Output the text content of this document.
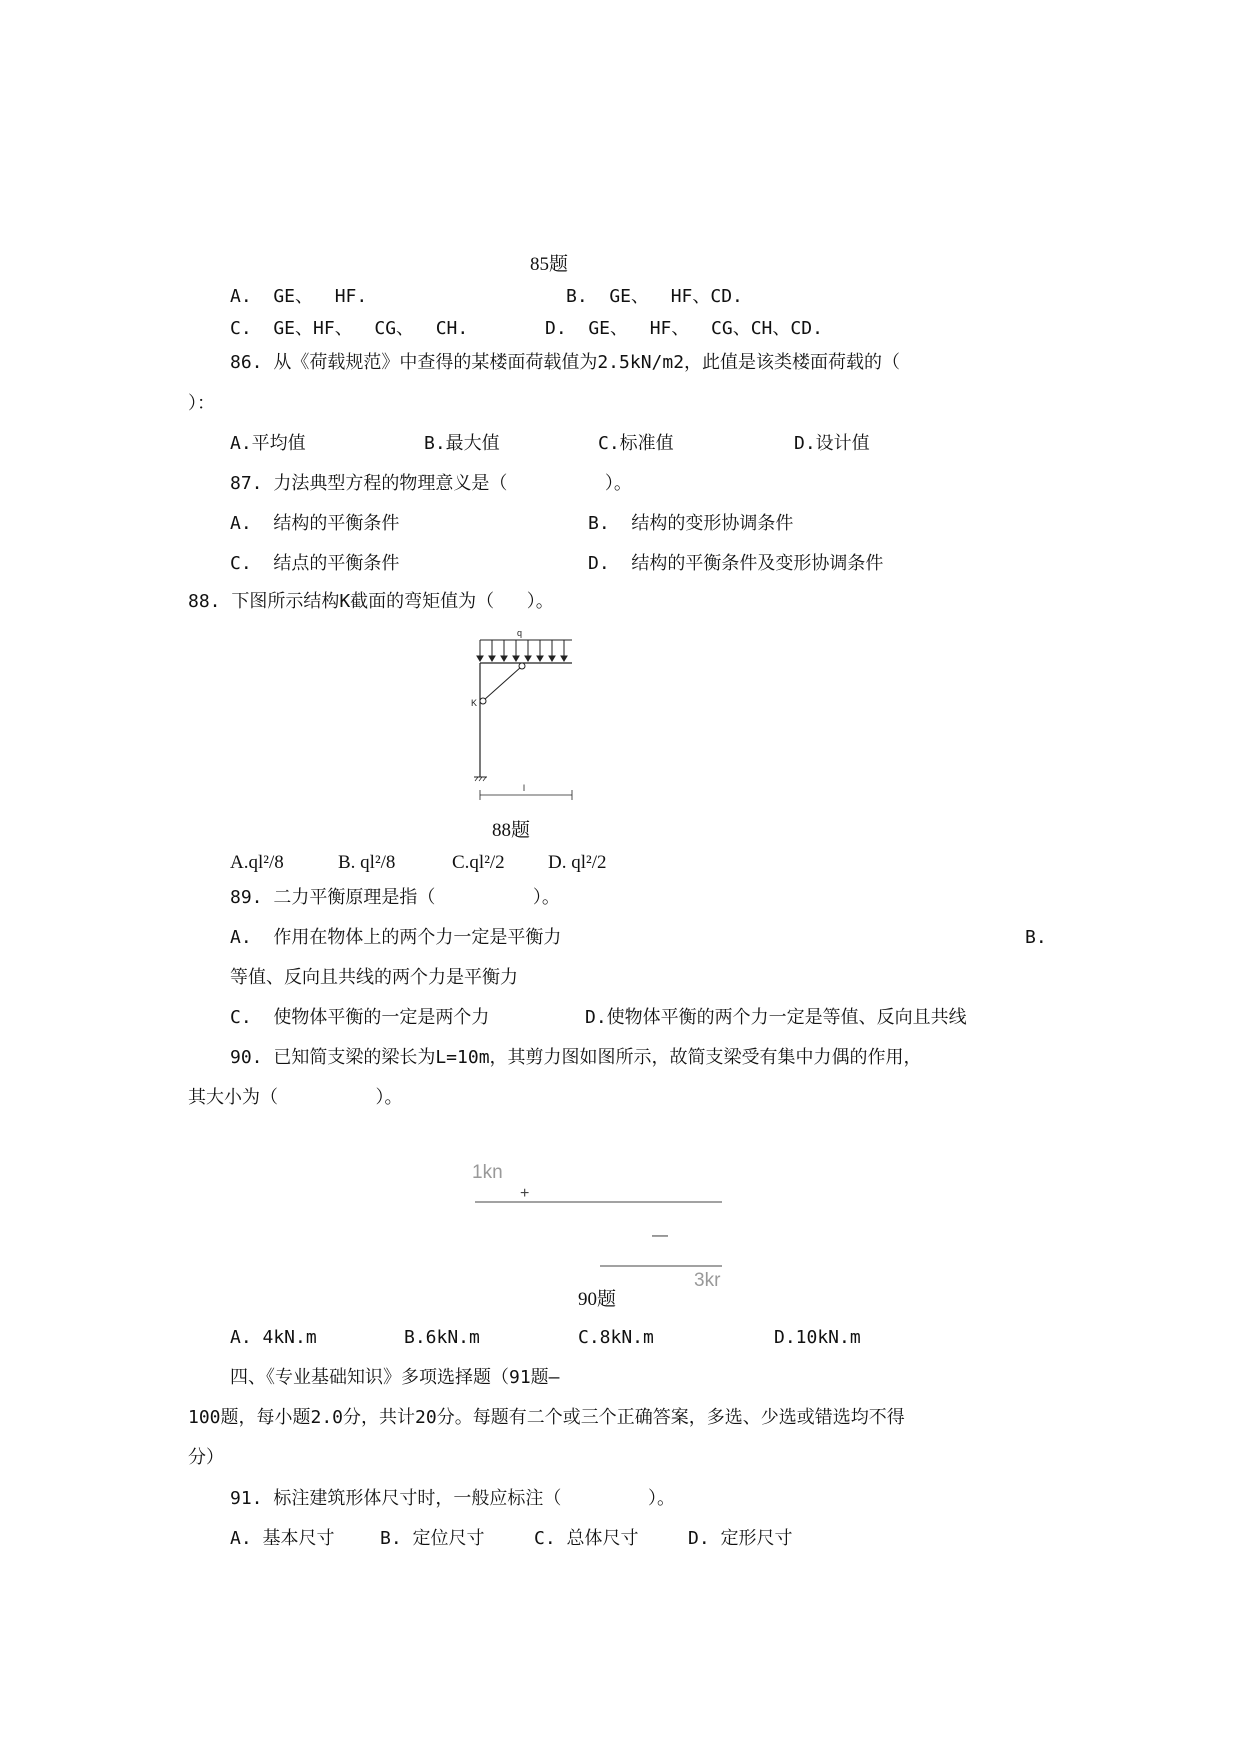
85题
A.  GE、  HF.	B.  GE、  HF、CD.
C.  GE、HF、  CG、  CH.	D.  GE、  HF、  CG、CH、CD.
86. 从《荷载规范》中查得的某楼面荷载值为2.5kN/m2，此值是该类楼面荷载的（
）：
A.平均值	B.最大值	C.标准值	D.设计值
87. 力法典型方程的物理意义是（         ）。
A.  结构的平衡条件	B.  结构的变形协调条件
C.  结点的平衡条件	D.  结构的平衡条件及变形协调条件
88. 下图所示结构K截面的弯矩值为（   ）。
q
K
l
88题
A.ql²/8	B. ql²/8	C.ql²/2 D. ql²/2
89. 二力平衡原理是指（         ）。
A.  作用在物体上的两个力一定是平衡力	B.
等值、反向且共线的两个力是平衡力
C.  使物体平衡的一定是两个力	D.使物体平衡的两个力一定是等值、反向且共线
90. 已知简支梁的梁长为L=10m，其剪力图如图所示，故简支梁受有集中力偶的作用，
其大小为（         ）。
1kn
+
—
3kr
90题
A. 4kN.m	B.6kN.m	C.8kN.m	D.10kN.m
四、《专业基础知识》多项选择题（91题—
100题，每小题2.0分，共计20分。每题有二个或三个正确答案，多选、少选或错选均不得
分）
91. 标注建筑形体尺寸时，一般应标注（        ）。
A. 基本尺寸	B. 定位尺寸	C. 总体尺寸	D. 定形尺寸
